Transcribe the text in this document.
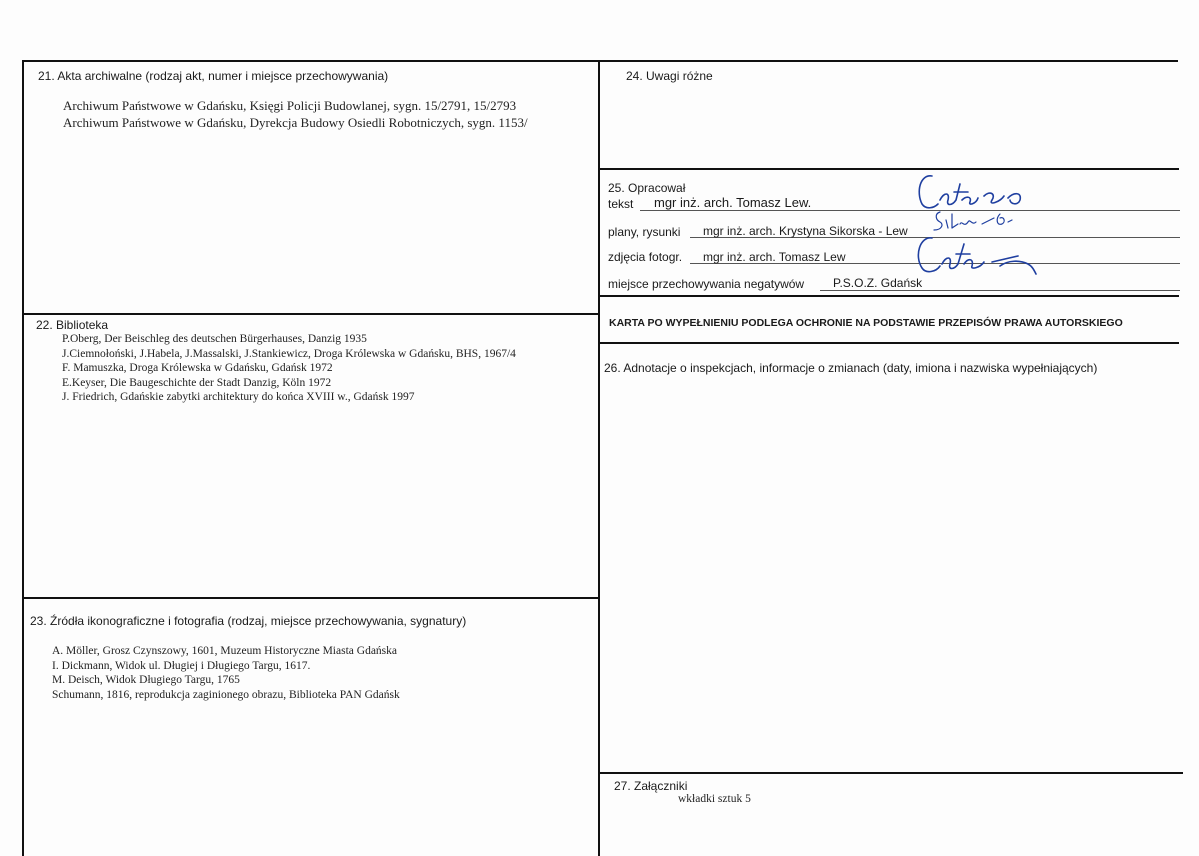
21. Akta archiwalne (rodzaj akt, numer i miejsce przechowywania)
Archiwum Państwowe w Gdańsku, Księgi Policji Budowlanej, sygn. 15/2791, 15/2793
Archiwum Państwowe w Gdańsku, Dyrekcja Budowy Osiedli Robotniczych, sygn. 1153/
22. Biblioteka
P.Oberg, Der Beischleg des deutschen Bürgerhauses, Danzig 1935
J.Ciemnołoński, J.Habela, J.Massalski, J.Stankiewicz, Droga Królewska w Gdańsku, BHS, 1967/4
F. Mamuszka, Droga Królewska w Gdańsku, Gdańsk 1972
E.Keyser, Die Baugeschichte der Stadt Danzig, Köln 1972
J. Friedrich, Gdańskie zabytki architektury do końca XVIII w., Gdańsk 1997
23. Źródła ikonograficzne i fotografia (rodzaj, miejsce przechowywania, sygnatury)
A. Möller, Grosz Czynszowy, 1601, Muzeum Historyczne Miasta Gdańska
I. Dickmann, Widok ul. Długiej i Długiego Targu, 1617.
M. Deisch, Widok Długiego Targu, 1765
Schumann, 1816, reprodukcja zaginionego obrazu, Biblioteka PAN Gdańsk
24. Uwagi różne
25. Opracował
tekst mgr inż. arch. Tomasz Lew.
plany, rysunki mgr inż. arch. Krystyna Sikorska - Lew
zdjęcia fotogr. mgr inż. arch. Tomasz Lew
miejsce przechowywania negatywów P.S.O.Z. Gdańsk
KARTA PO WYPEŁNIENIU PODLEGA OCHRONIE NA PODSTAWIE PRZEPISÓW PRAWA AUTORSKIEGO
26. Adnotacje o inspekcjach, informacje o zmianach (daty, imiona i nazwiska wypełniających)
27. Załączniki
wkładki sztuk 5
